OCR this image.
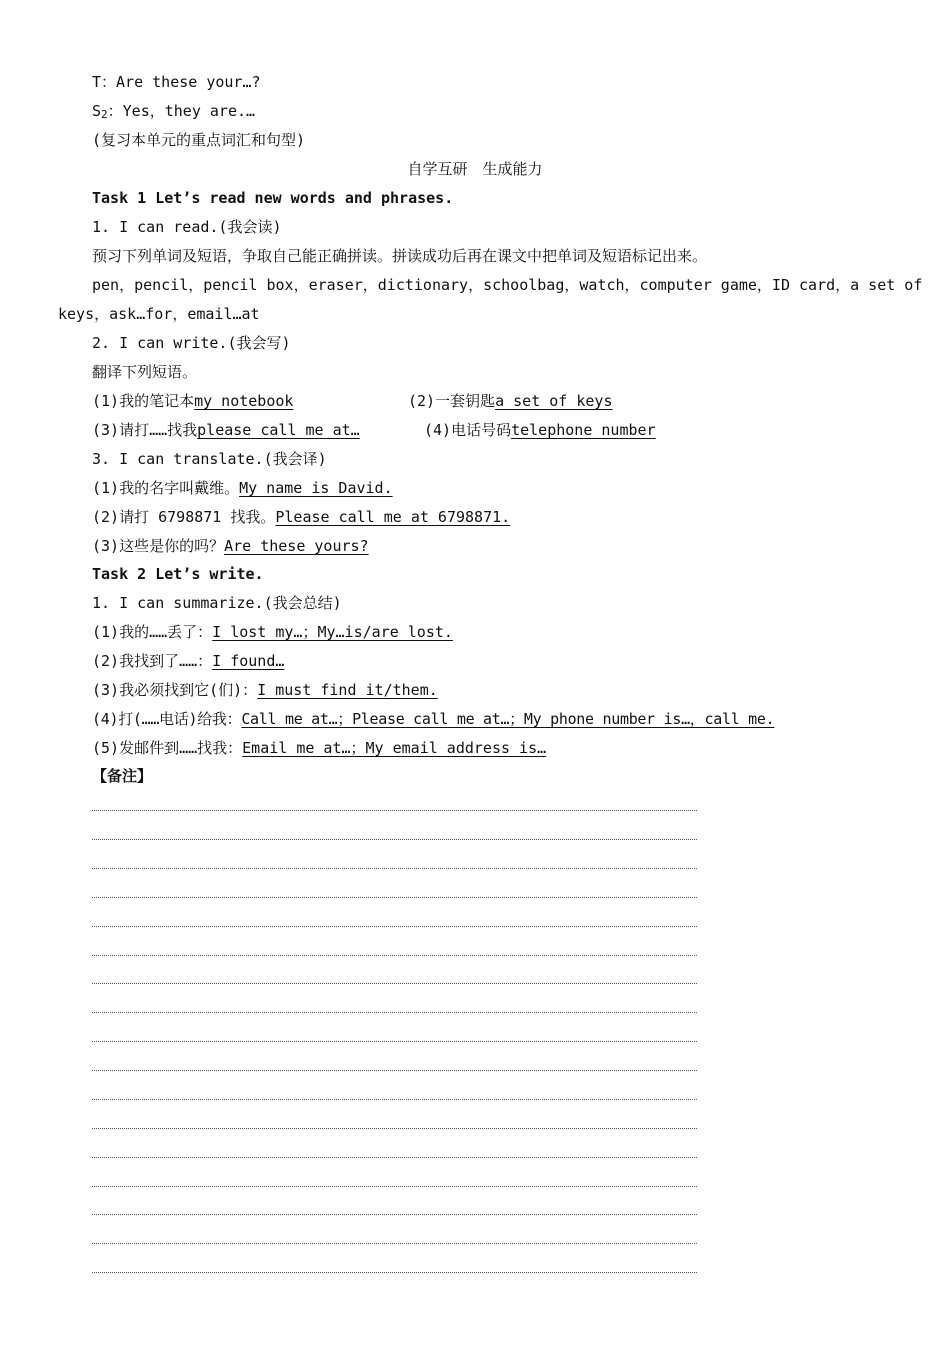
T：Are these your…?
$S_2$：Yes，they are.…
(复习本单元的重点词汇和句型)
自学互研　生成能力
Task 1 Let’s read new words and phrases.
1. I can read.(我会读)
预习下列单词及短语，争取自己能正确拼读。拼读成功后再在课文中把单词及短语标记出来。
pen，pencil，pencil box，eraser，dictionary，schoolbag，watch，computer game，ID card，a set of
keys，ask…for，email…at
2. I can write.(我会写)
翻译下列短语。
(1)我的笔记本my notebook	(2)一套钥匙a set of keys
(3)请打……找我please call me at…	(4)电话号码telephone number
3. I can translate.(我会译)
(1)我的名字叫戴维。My name is David.
(2)请打 6798871 找我。Please call me at 6798871.
(3)这些是你的吗？Are these yours?
Task 2 Let’s write.
1. I can summarize.(我会总结)
(1)我的……丢了：I lost my…；My…is/are lost.
(2)我找到了……：I found…
(3)我必须找到它(们)：I must find it/them.
(4)打(……电话)给我：Call me at…；Please call me at…；My phone number is…，call me.
(5)发邮件到……找我：Email me at…；My email address is…
【备注】
